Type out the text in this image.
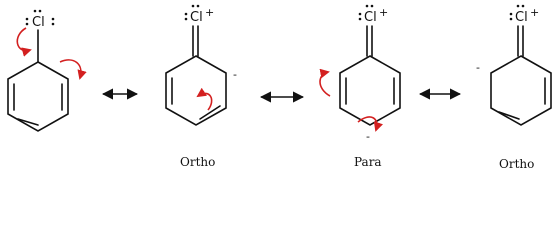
Cl	Cl +
-
Ortho
Cl +
-
Para
Cl +
-
Ortho
